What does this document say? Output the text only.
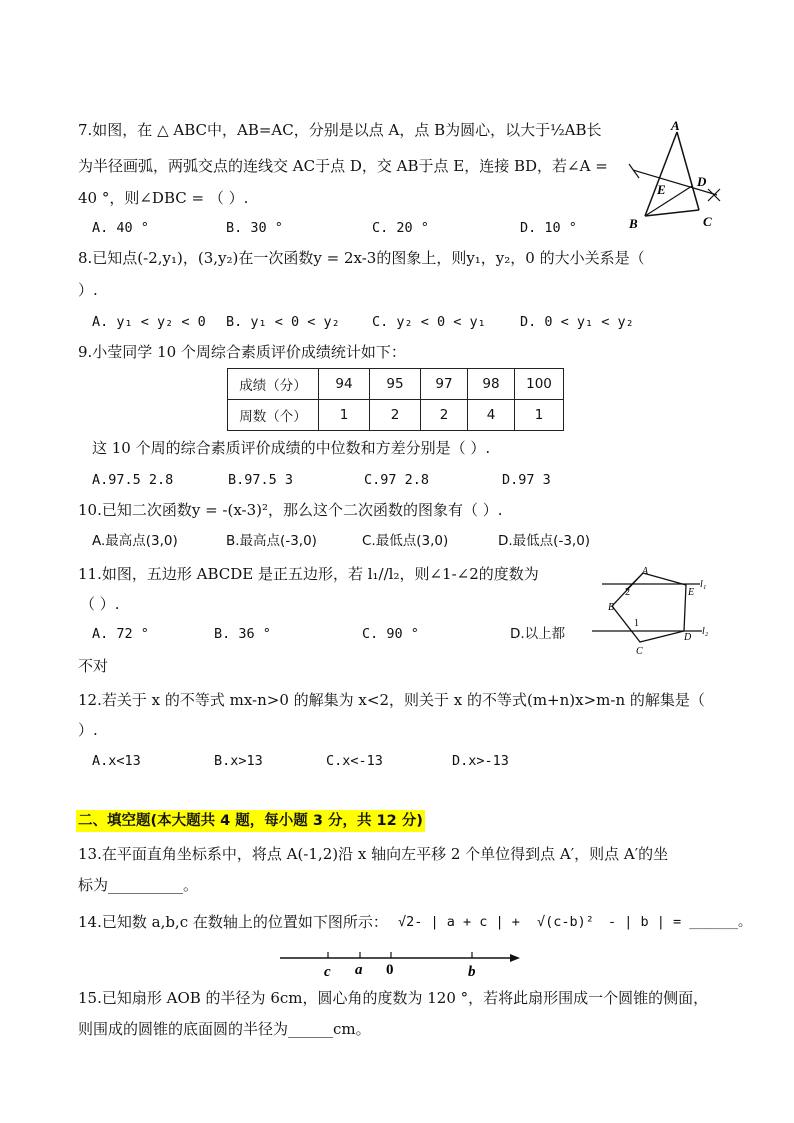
7.如图，在 △ ABC中，AB=AC，分别是以点 A，点 B为圆心，以大于½AB长
为半径画弧，两弧交点的连线交 AC于点 D，交 AB于点 E，连接 BD，若∠A =
40 °，则∠DBC = （ ）.
A. 40 °	B. 30 °	C. 20 °	D. 10 °
A
E
D
B	C
8.已知点(-2,y₁)，(3,y₂)在一次函数y = 2x-3的图象上，则y₁，y₂，0 的大小关系是（
）.
A. y₁ < y₂ < 0 B. y₁ < 0 < y₂ C. y₂ < 0 < y₁	D. 0 < y₁ < y₂
9.小莹同学 10 个周综合素质评价成绩统计如下：
成绩（分）	94	95	97	98	100
周数（个）	1	2	2	4	1
这 10 个周的综合素质评价成绩的中位数和方差分别是（ ）.
A.97.5 2.8	B.97.5 3	C.97 2.8	D.97 3
10.已知二次函数y = -(x-3)²，那么这个二次函数的图象有（ ）.
A.最高点(3,0)	B.最高点(-3,0)	C.最低点(3,0)	D.最低点(-3,0)
11.如图，五边形 ABCDE 是正五边形，若 l₁//l₂，则∠1-∠2的度数为
（ ）.
A. 72 °	B. 36 °	C. 90 °	D.以上都
不对
A
E
B
C
D
l₁
l₂
1
2
12.若关于 x 的不等式 mx-n>0 的解集为 x<2，则关于 x 的不等式(m+n)x>m-n 的解集是（
）.
A.x<13	B.x>13	C.x<-13	D.x>-13
二、填空题(本大题共 4 题，每小题 3 分，共 12 分)
13.在平面直角坐标系中，将点 A(-1,2)沿 x 轴向左平移 2 个单位得到点 A′，则点 A′的坐
标为__________。
14.已知数 a,b,c 在数轴上的位置如下图所示： √2- | a + c | + √(c-b)² - | b | = ______。
c a 0	b
15.已知扇形 AOB 的半径为 6cm，圆心角的度数为 120 °，若将此扇形围成一个圆锥的侧面，
则围成的圆锥的底面圆的半径为______cm。
